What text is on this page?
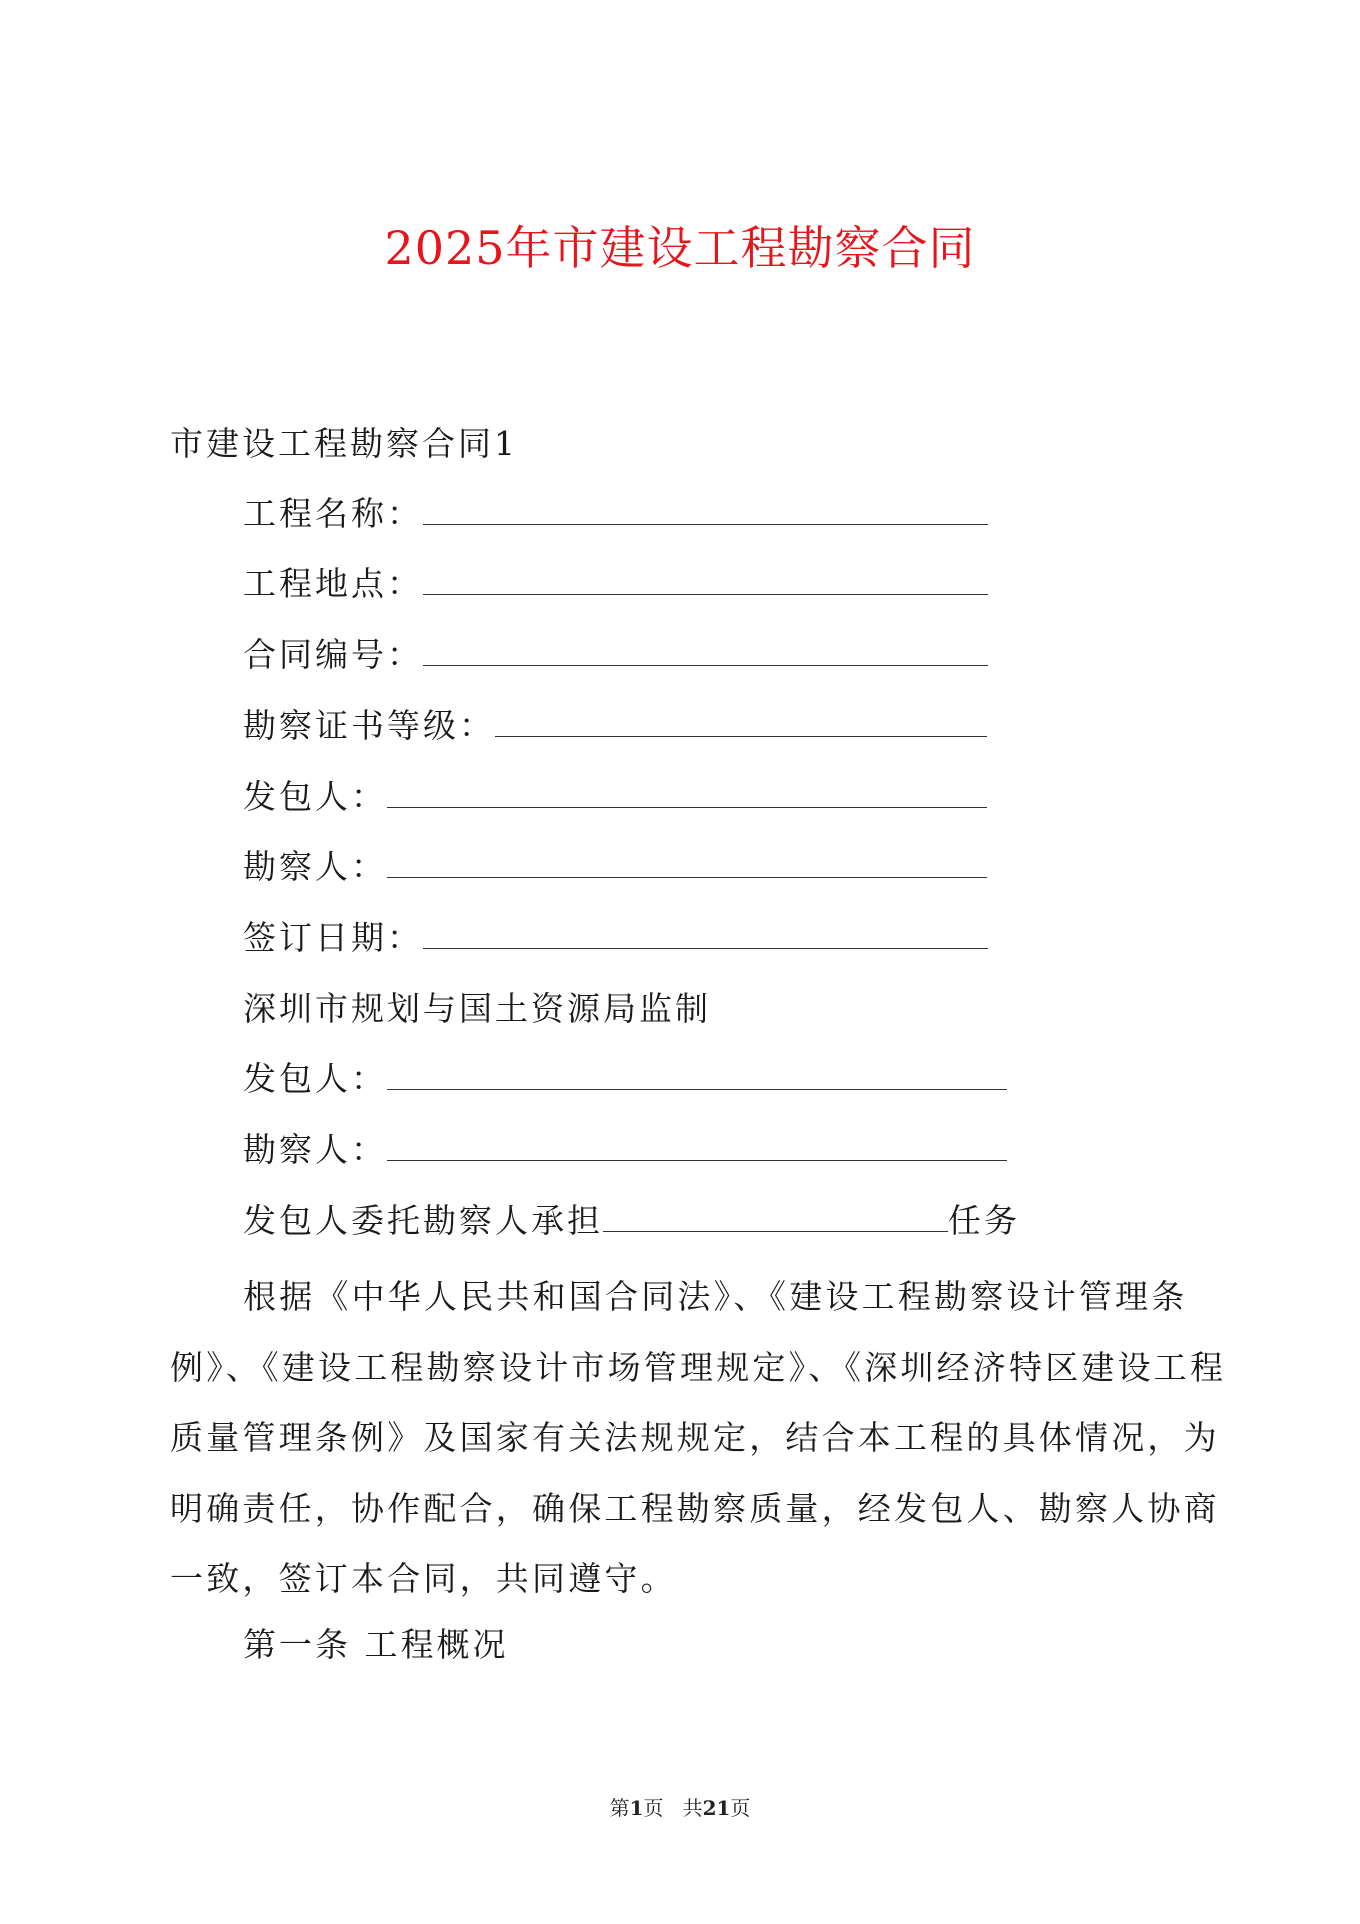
2025年市建设工程勘察合同
市建设工程勘察合同1
工程名称：
工程地点：
合同编号：
勘察证书等级：
发包人：
勘察人：
签订日期：
深圳市规划与国土资源局监制
发包人：
勘察人：
发包人委托勘察人承担	任务

根据《中华人民共和国合同法》、《建设工程勘察设计管理条例》、《建设工程勘察设计市场管理规定》、《深圳经济特区建设工程质量管理条例》及国家有关法规规定，结合本工程的具体情况，为明确责任，协作配合，确保工程勘察质量，经发包人、勘察人协商一致，签订本合同，共同遵守。

第一条 工程概况
第1页   共21页
